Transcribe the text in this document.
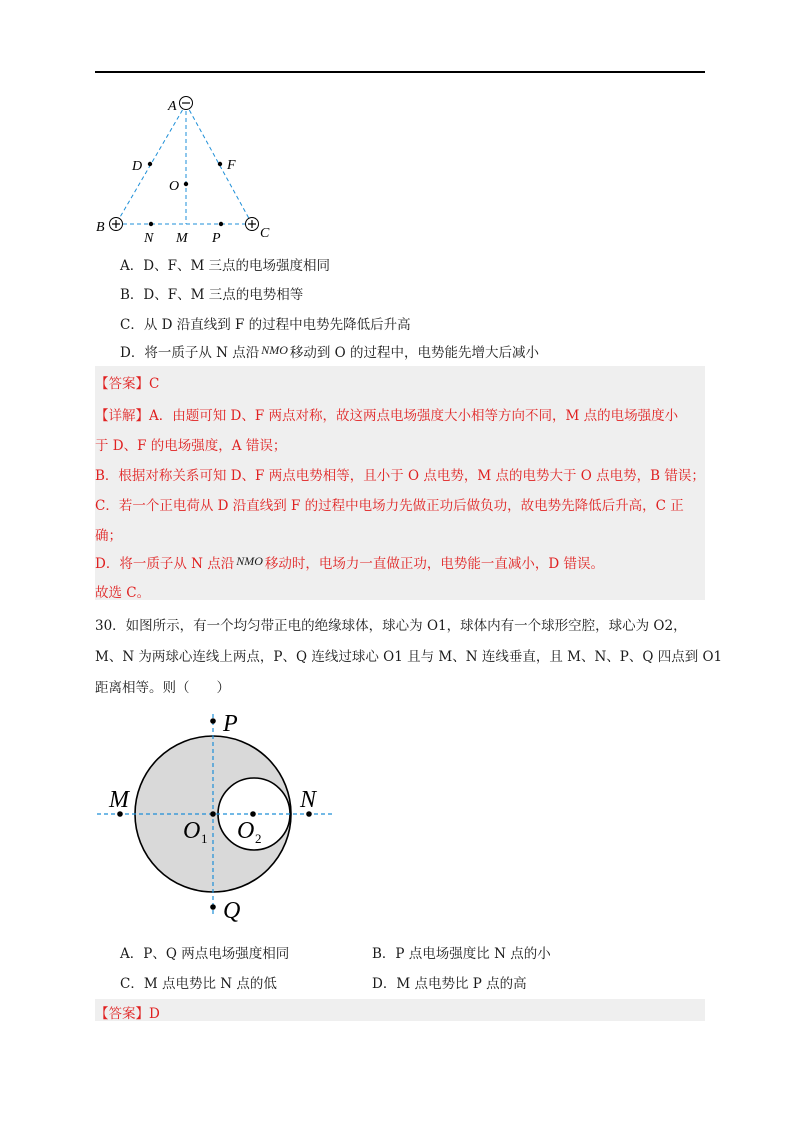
A
D	F
O
B	C
N M P
A．D、F、M 三点的电场强度相同
B．D、F、M 三点的电势相等
C．从 D 沿直线到 F 的过程中电势先降低后升高
D．将一质子从 N 点沿 NMO 移动到 O 的过程中，电势能先增大后减小
【答案】C
【详解】A．由题可知 D、F 两点对称，故这两点电场强度大小相等方向不同，M 点的电场强度小
于 D、F 的电场强度，A 错误；
B．根据对称关系可知 D、F 两点电势相等，且小于 O 点电势，M 点的电势大于 O 点电势，B 错误；
C．若一个正电荷从 D 沿直线到 F 的过程中电场力先做正功后做负功，故电势先降低后升高，C 正
确；
D．将一质子从 N 点沿 NMO 移动时，电场力一直做正功，电势能一直减小，D 错误。
故选 C。
30．如图所示，有一个均匀带正电的绝缘球体，球心为 O1，球体内有一个球形空腔，球心为 O2，
M、N 为两球心连线上两点，P、Q 连线过球心 O1 且与 M、N 连线垂直，且 M、N、P、Q 四点到 O1
距离相等。则（　　）
P
Q
M	N
O O
1	2
A．P、Q 两点电场强度相同	B．P 点电场强度比 N 点的小
C．M 点电势比 N 点的低	D．M 点电势比 P 点的高
【答案】D
